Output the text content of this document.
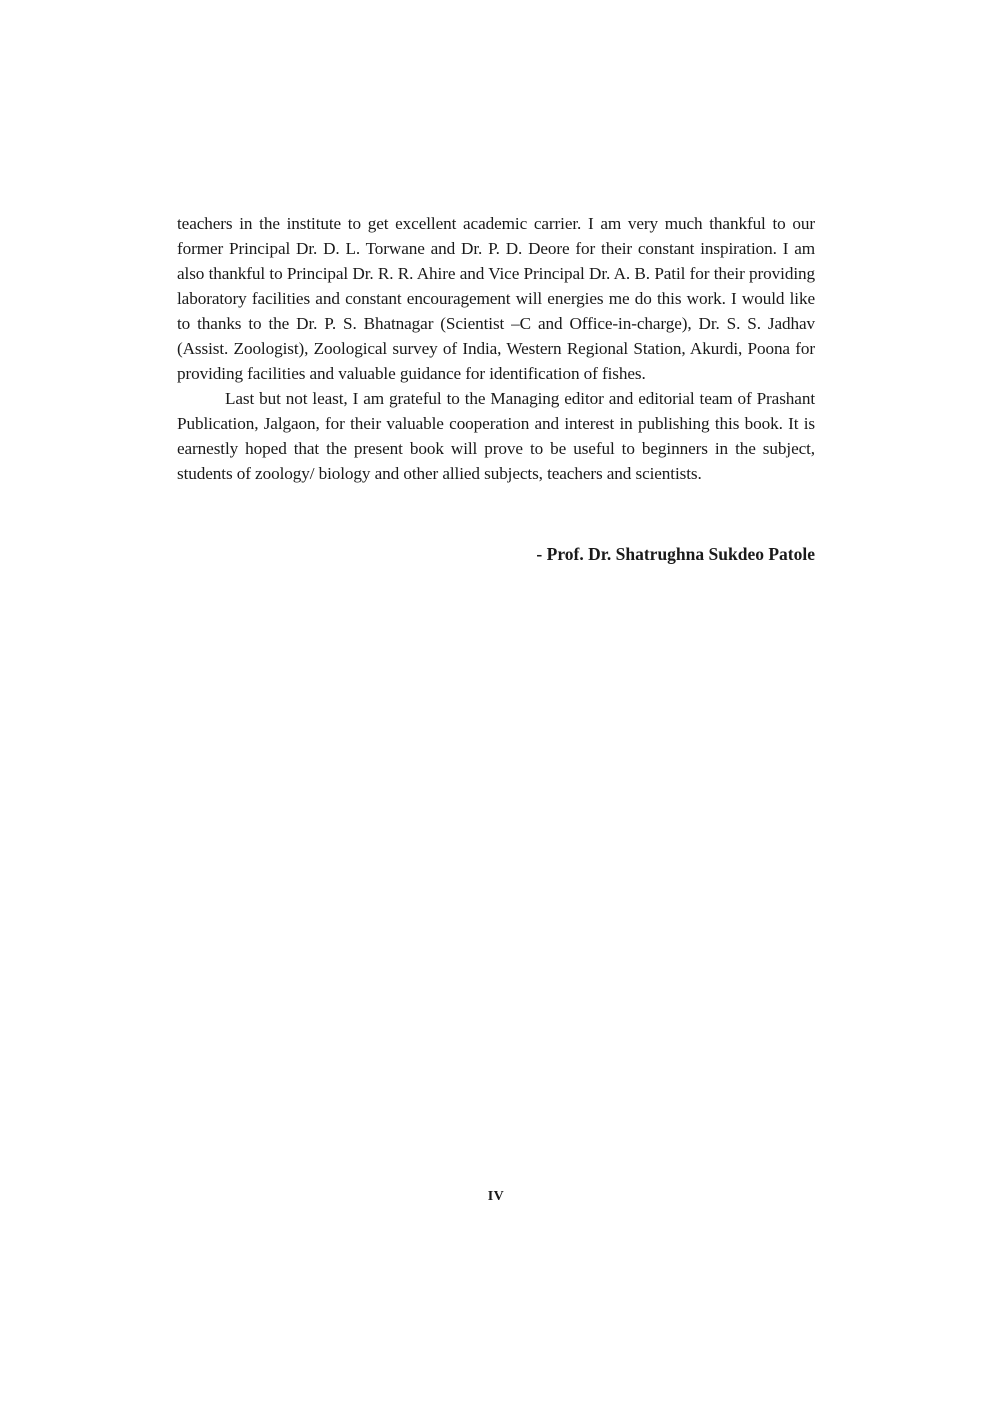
teachers in the institute to get excellent academic carrier. I am very much thankful to our former Principal Dr. D. L. Torwane and Dr. P. D. Deore for their constant inspiration. I am also thankful to Principal Dr. R. R. Ahire and Vice Principal Dr. A. B. Patil for their providing laboratory facilities and constant encouragement will energies me do this work. I would like to thanks to the Dr. P. S. Bhatnagar (Scientist –C and Office-in-charge), Dr. S. S. Jadhav (Assist. Zoologist), Zoological survey of India, Western Regional Station, Akurdi, Poona for providing facilities and valuable guidance for identification of fishes.

Last but not least, I am grateful to the Managing editor and editorial team of Prashant Publication, Jalgaon, for their valuable cooperation and interest in publishing this book. It is earnestly hoped that the present book will prove to be useful to beginners in the subject, students of zoology/ biology and other allied subjects, teachers and scientists.

- Prof. Dr. Shatrughna Sukdeo Patole
IV
